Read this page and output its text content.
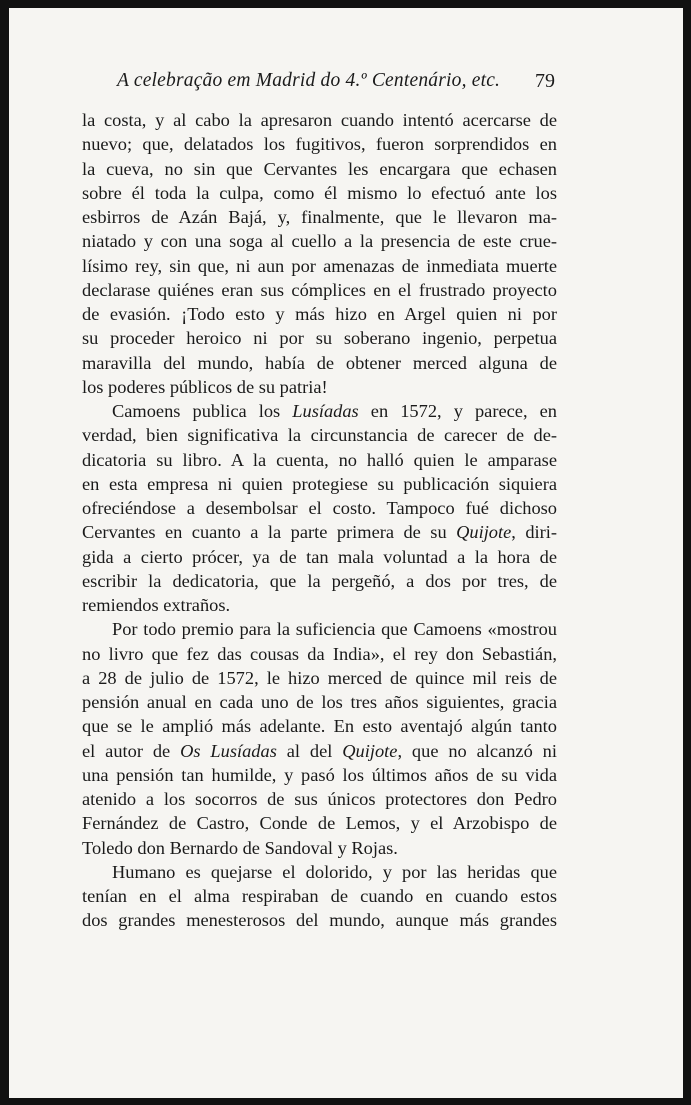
A celebração em Madrid do 4.º Centenário, etc. 79
la costa, y al cabo la apresaron cuando intentó acercarse de
nuevo; que, delatados los fugitivos, fueron sorprendidos en
la cueva, no sin que Cervantes les encargara que echasen
sobre él toda la culpa, como él mismo lo efectuó ante los
esbirros de Azán Bajá, y, finalmente, que le llevaron ma-
niatado y con una soga al cuello a la presencia de este crue-
lísimo rey, sin que, ni aun por amenazas de inmediata muerte
declarase quiénes eran sus cómplices en el frustrado proyecto
de evasión. ¡Todo esto y más hizo en Argel quien ni por
su proceder heroico ni por su soberano ingenio, perpetua
maravilla del mundo, había de obtener merced alguna de
los poderes públicos de su patria!
Camoens publica los Lusíadas en 1572, y parece, en
verdad, bien significativa la circunstancia de carecer de de-
dicatoria su libro. A la cuenta, no halló quien le amparase
en esta empresa ni quien protegiese su publicación siquiera
ofreciéndose a desembolsar el costo. Tampoco fué dichoso
Cervantes en cuanto a la parte primera de su Quijote, diri-
gida a cierto prócer, ya de tan mala voluntad a la hora de
escribir la dedicatoria, que la pergeñó, a dos por tres, de
remiendos extraños.
Por todo premio para la suficiencia que Camoens «mostrou
no livro que fez das cousas da India», el rey don Sebastián,
a 28 de julio de 1572, le hizo merced de quince mil reis de
pensión anual en cada uno de los tres años siguientes, gracia
que se le amplió más adelante. En esto aventajó algún tanto
el autor de Os Lusíadas al del Quijote, que no alcanzó ni
una pensión tan humilde, y pasó los últimos años de su vida
atenido a los socorros de sus únicos protectores don Pedro
Fernández de Castro, Conde de Lemos, y el Arzobispo de
Toledo don Bernardo de Sandoval y Rojas.
Humano es quejarse el dolorido, y por las heridas que
tenían en el alma respiraban de cuando en cuando estos
dos grandes menesterosos del mundo, aunque más grandes
